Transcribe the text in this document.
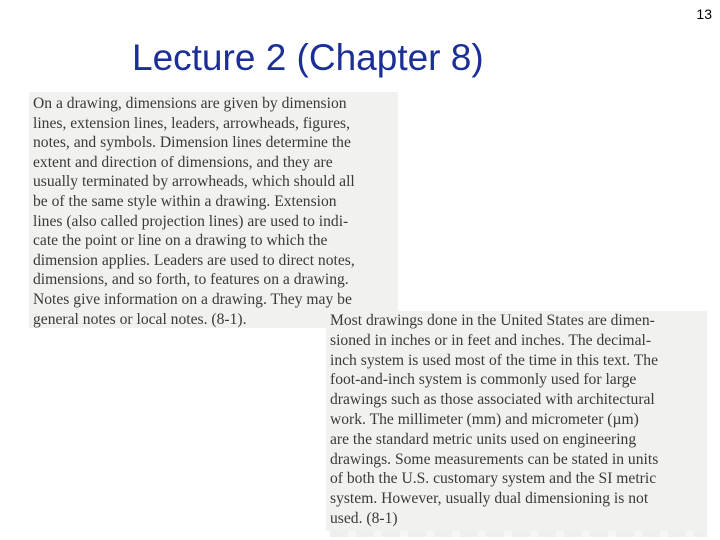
13
Lecture 2 (Chapter 8)
On a drawing, dimensions are given by dimension
lines, extension lines, leaders, arrowheads, figures,
notes, and symbols. Dimension lines determine the
extent and direction of dimensions, and they are
usually terminated by arrowheads, which should all
be of the same style within a drawing. Extension
lines (also called projection lines) are used to indi-
cate the point or line on a drawing to which the
dimension applies. Leaders are used to direct notes,
dimensions, and so forth, to features on a drawing.
Notes give information on a drawing. They may be
general notes or local notes. (8-1).	Most drawings done in the United States are dimen-
sioned in inches or in feet and inches. The decimal-
inch system is used most of the time in this text. The
foot-and-inch system is commonly used for large
drawings such as those associated with architectural
work. The millimeter (mm) and micrometer (µm)
are the standard metric units used on engineering
drawings. Some measurements can be stated in units
of both the U.S. customary system and the SI metric
system. However, usually dual dimensioning is not
used. (8-1)
